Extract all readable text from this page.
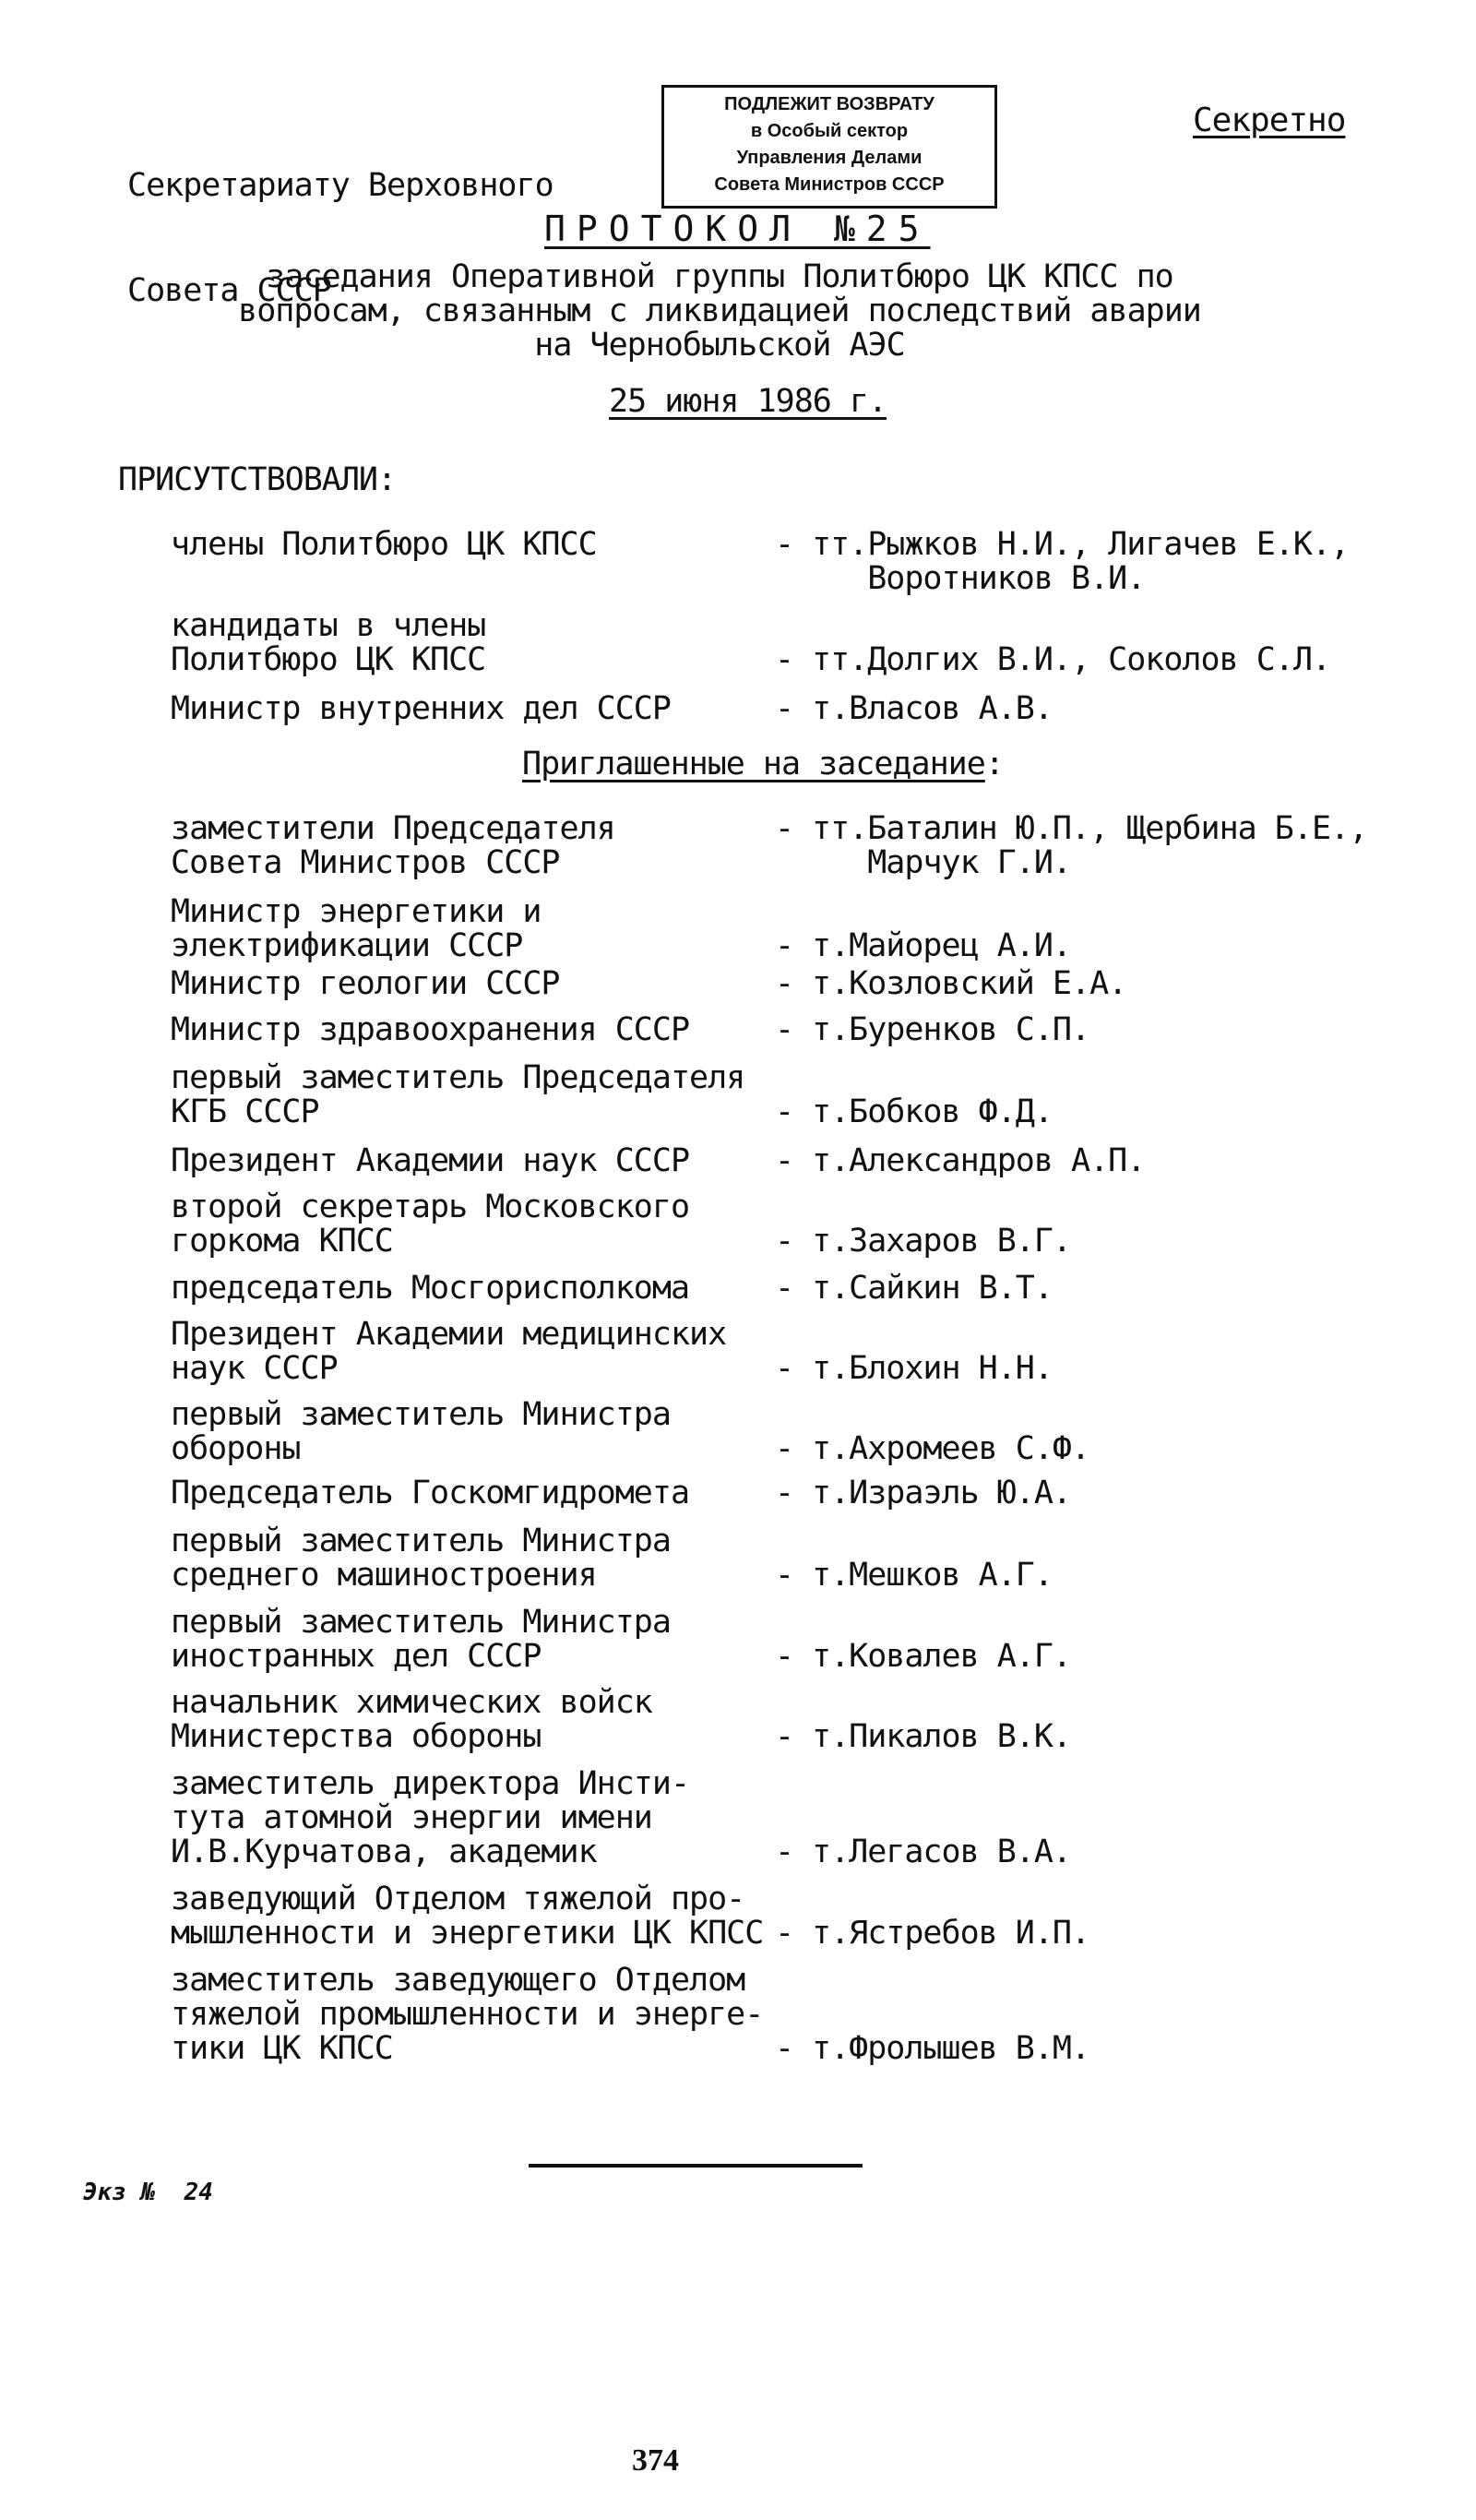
Секретариату Верховного

Совета СССР

ПОДЛЕЖИТ ВОЗВРАТУ
в Особый сектор
Управления Делами
Совета Министров СССР
Секретно
ПРОТОКОЛ №25
заседания Оперативной группы Политбюро ЦК КПСС по
вопросам, связанным с ликвидацией последствий аварии
на Чернобыльской АЭС
25 июня 1986 г.
ПРИСУТСТВОВАЛИ:
члены Политбюро ЦК КПСС	- тт.Рыжков Н.И., Лигачев Е.К.,
Воротников В.И.
кандидаты в члены
Политбюро ЦК КПСС	- тт.Долгих В.И., Соколов С.Л.
Министр внутренних дел СССР	- т.Власов А.В.
Приглашенные на заседание:
заместители Председателя
Совета Министров СССР
- тт.Баталин Ю.П., Щербина Б.Е.,
Марчук Г.И.
Министр энергетики и
электрификации СССР	- т.Майорец А.И.
Министр геологии СССР	- т.Козловский Е.А.
Министр здравоохранения СССР	- т.Буренков С.П.
первый заместитель Председателя
КГБ СССР	- т.Бобков Ф.Д.
Президент Академии наук СССР	- т.Александров А.П.
второй секретарь Московского
горкома КПСС	- т.Захаров В.Г.
председатель Мосгорисполкома	- т.Сайкин В.Т.
Президент Академии медицинских
наук СССР	- т.Блохин Н.Н.
первый заместитель Министра
обороны	- т.Ахромеев С.Ф.
Председатель Госкомгидромета	- т.Израэль Ю.А.
первый заместитель Министра
среднего машиностроения	- т.Мешков А.Г.
первый заместитель Министра
иностранных дел СССР	- т.Ковалев А.Г.
начальник химических войск
Министерства обороны	- т.Пикалов В.К.
заместитель директора Инсти-
тута атомной энергии имени
И.В.Курчатова, академик	- т.Легасов В.А.
заведующий Отделом тяжелой про-
мышленности и энергетики ЦК КПСС - т.Ястребов И.П.
заместитель заведующего Отделом
тяжелой промышленности и энерге-
тики ЦК КПСС	- т.Фролышев В.М.
Экз №  24
374
